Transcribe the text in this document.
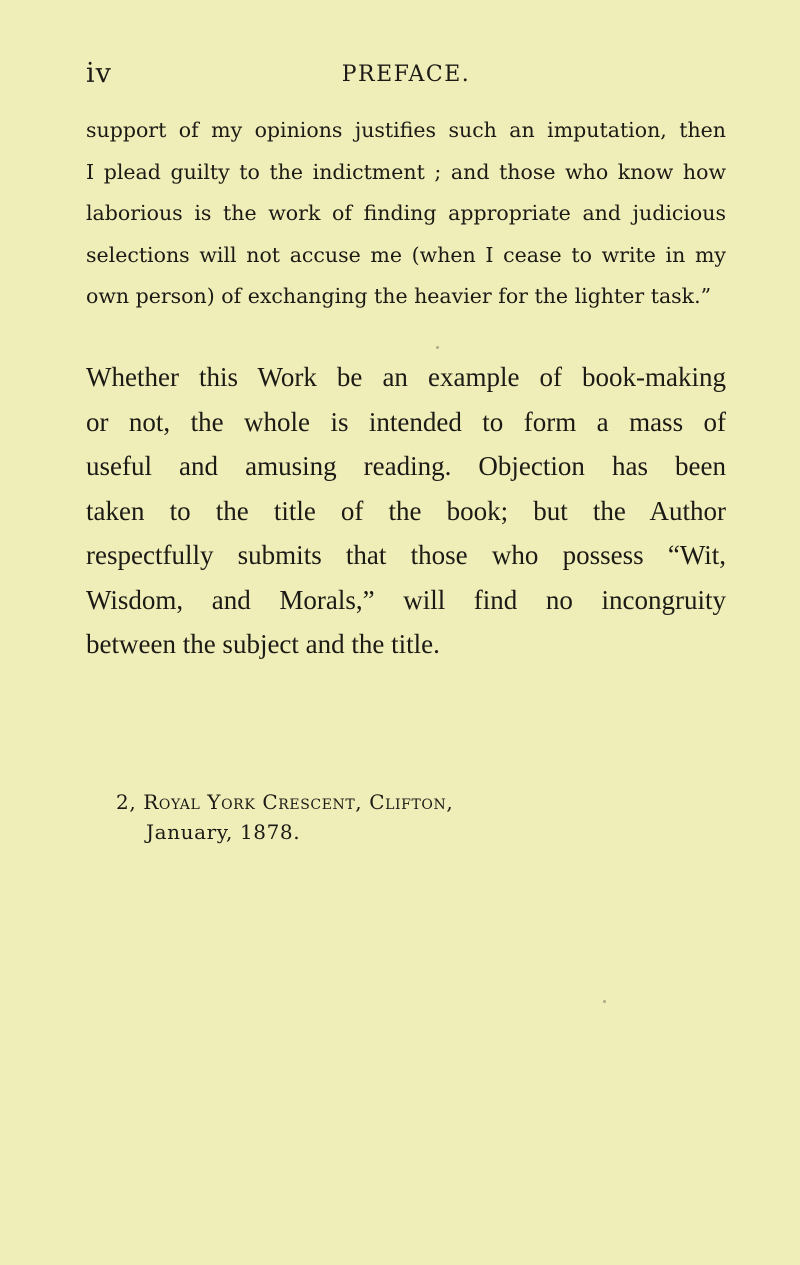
iv	PREFACE.

support of my opinions justifies such an imputation, then
I plead guilty to the indictment ; and those who know how
laborious is the work of finding appropriate and judicious
selections will not accuse me (when I cease to write in my
own person) of exchanging the heavier for the lighter task.”

Whether this Work be an example of book-making
or not, the whole is intended to form a mass of
useful and amusing reading. Objection has been
taken to the title of the book; but the Author
respectfully submits that those who possess “Wit,
Wisdom, and Morals,” will find no incongruity
between the subject and the title.

2, Royal York Crescent, Clifton,
January, 1878.
